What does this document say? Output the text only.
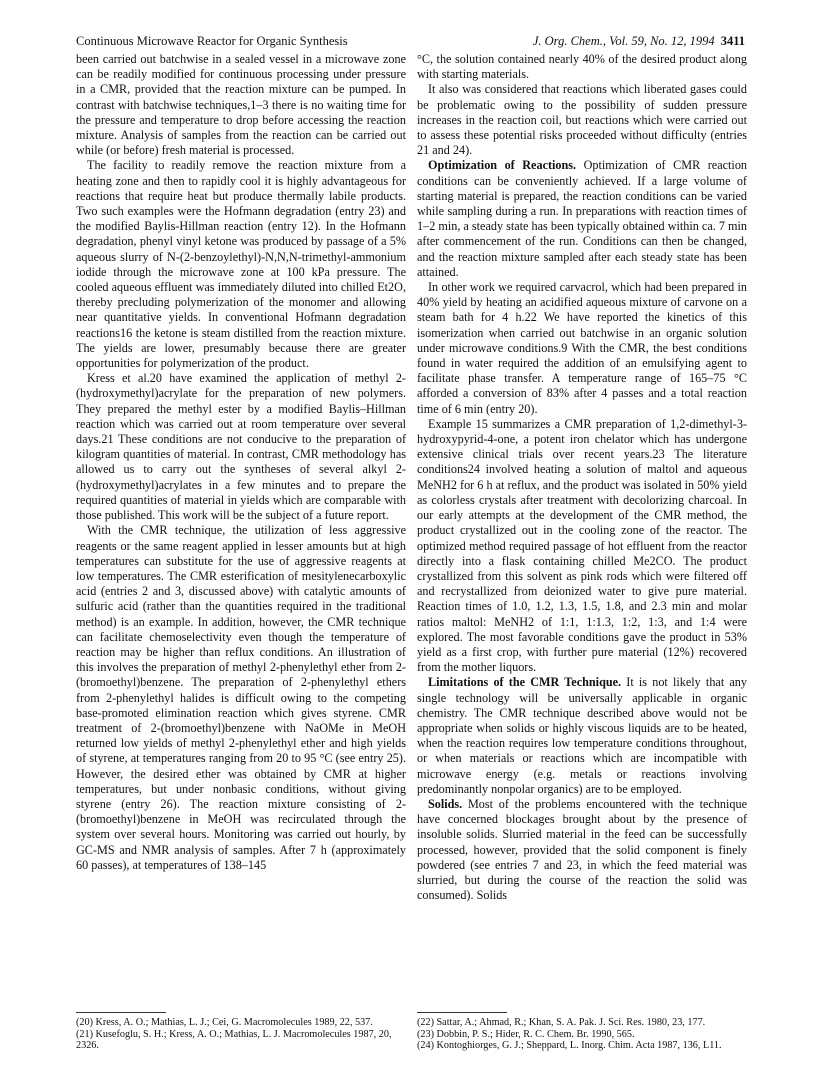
Continuous Microwave Reactor for Organic Synthesis	J. Org. Chem., Vol. 59, No. 12, 1994 3411

been carried out batchwise in a sealed vessel in a microwave zone can be readily modified for continuous processing under pressure in a CMR, provided that the reaction mixture can be pumped. In contrast with batchwise techniques,1–3 there is no waiting time for the pressure and temperature to drop before accessing the reaction mixture. Analysis of samples from the reaction can be carried out while (or before) fresh material is processed.

The facility to readily remove the reaction mixture from a heating zone and then to rapidly cool it is highly advantageous for reactions that require heat but produce thermally labile products. Two such examples were the Hofmann degradation (entry 23) and the modified Baylis-Hillman reaction (entry 12). In the Hofmann degradation, phenyl vinyl ketone was produced by passage of a 5% aqueous slurry of N-(2-benzoylethyl)-N,N,N-trimethyl-ammonium iodide through the microwave zone at 100 kPa pressure. The cooled aqueous effluent was immediately diluted into chilled Et2O, thereby precluding polymerization of the monomer and allowing near quantitative yields. In conventional Hofmann degradation reactions16 the ketone is steam distilled from the reaction mixture. The yields are lower, presumably because there are greater opportunities for polymerization of the product.

Kress et al.20 have examined the application of methyl 2-(hydroxymethyl)acrylate for the preparation of new polymers. They prepared the methyl ester by a modified Baylis–Hillman reaction which was carried out at room temperature over several days.21 These conditions are not conducive to the preparation of kilogram quantities of material. In contrast, CMR methodology has allowed us to carry out the syntheses of several alkyl 2-(hydroxymethyl)acrylates in a few minutes and to prepare the required quantities of material in yields which are comparable with those published. This work will be the subject of a future report.

With the CMR technique, the utilization of less aggressive reagents or the same reagent applied in lesser amounts but at high temperatures can substitute for the use of aggressive reagents at low temperatures. The CMR esterification of mesitylenecarboxylic acid (entries 2 and 3, discussed above) with catalytic amounts of sulfuric acid (rather than the quantities required in the traditional method) is an example. In addition, however, the CMR technique can facilitate chemoselectivity even though the temperature of reaction may be higher than reflux conditions. An illustration of this involves the preparation of methyl 2-phenylethyl ether from 2-(bromoethyl)benzene. The preparation of 2-phenylethyl ethers from 2-phenylethyl halides is difficult owing to the competing base-promoted elimination reaction which gives styrene. CMR treatment of 2-(bromoethyl)benzene with NaOMe in MeOH returned low yields of methyl 2-phenylethyl ether and high yields of styrene, at temperatures ranging from 20 to 95 °C (see entry 25). However, the desired ether was obtained by CMR at higher temperatures, but under nonbasic conditions, without giving styrene (entry 26). The reaction mixture consisting of 2-(bromoethyl)benzene in MeOH was recirculated through the system over several hours. Monitoring was carried out hourly, by GC-MS and NMR analysis of samples. After 7 h (approximately 60 passes), at temperatures of 138–145

°C, the solution contained nearly 40% of the desired product along with starting materials.

It also was considered that reactions which liberated gases could be problematic owing to the possibility of sudden pressure increases in the reaction coil, but reactions which were carried out to assess these potential risks proceeded without difficulty (entries 21 and 24).

Optimization of Reactions. Optimization of CMR reaction conditions can be conveniently achieved. If a large volume of starting material is prepared, the reaction conditions can be varied while sampling during a run. In preparations with reaction times of 1–2 min, a steady state has been typically obtained within ca. 7 min after commencement of the run. Conditions can then be changed, and the reaction mixture sampled after each steady state has been attained.

In other work we required carvacrol, which had been prepared in 40% yield by heating an acidified aqueous mixture of carvone on a steam bath for 4 h.22 We have reported the kinetics of this isomerization when carried out batchwise in an organic solution under microwave conditions.9 With the CMR, the best conditions found in water required the addition of an emulsifying agent to facilitate phase transfer. A temperature range of 165–75 °C afforded a conversion of 83% after 4 passes and a total reaction time of 6 min (entry 20).

Example 15 summarizes a CMR preparation of 1,2-dimethyl-3-hydroxypyrid-4-one, a potent iron chelator which has undergone extensive clinical trials over recent years.23 The literature conditions24 involved heating a solution of maltol and aqueous MeNH2 for 6 h at reflux, and the product was isolated in 50% yield as colorless crystals after treatment with decolorizing charcoal. In our early attempts at the development of the CMR method, the product crystallized out in the cooling zone of the reactor. The optimized method required passage of hot effluent from the reactor directly into a flask containing chilled Me2CO. The product crystallized from this solvent as pink rods which were filtered off and recrystallized from deionized water to give pure material. Reaction times of 1.0, 1.2, 1.3, 1.5, 1.8, and 2.3 min and molar ratios maltol: MeNH2 of 1:1, 1:1.3, 1:2, 1:3, and 1:4 were explored. The most favorable conditions gave the product in 53% yield as a first crop, with further pure material (12%) recovered from the mother liquors.

Limitations of the CMR Technique. It is not likely that any single technology will be universally applicable in organic chemistry. The CMR technique described above would not be appropriate when solids or highly viscous liquids are to be heated, when the reaction requires low temperature conditions throughout, or when materials or reactions which are incompatible with microwave energy (e.g. metals or reactions involving predominantly nonpolar organics) are to be employed.

Solids. Most of the problems encountered with the technique have concerned blockages brought about by the presence of insoluble solids. Slurried material in the feed can be successfully processed, however, provided that the solid component is finely powdered (see entries 7 and 23, in which the feed material was slurried, but during the course of the reaction the solid was consumed). Solids

(20) Kress, A. O.; Mathias, L. J.; Cei, G. Macromolecules 1989, 22, 537.
(21) Kusefoglu, S. H.; Kress, A. O.; Mathias, L. J. Macromolecules 1987, 20, 2326.
(22) Sattar, A.; Ahmad, R.; Khan, S. A. Pak. J. Sci. Res. 1980, 23, 177.
(23) Dobbin, P. S.; Hider, R. C. Chem. Br. 1990, 565.
(24) Kontoghiorges, G. J.; Sheppard, L. Inorg. Chim. Acta 1987, 136, L11.
